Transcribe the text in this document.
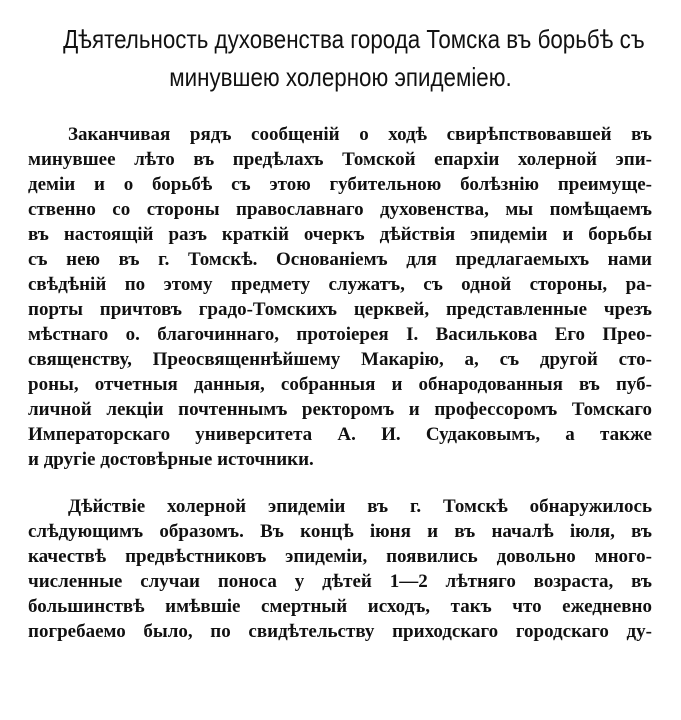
Дѣятельность духовенства города Томска въ борьбѣ съ
минувшею холерною эпидеміею.
Заканчивая рядъ сообщеній о ходѣ свирѣпствовавшей въ
минувшее лѣто въ предѣлахъ Томской епархіи холерной эпи-
деміи и о борьбѣ съ этою губительною болѣзнію преимуще-
ственно со стороны православнаго духовенства, мы помѣщаемъ
въ настоящій разъ краткій очеркъ дѣйствія эпидеміи и борьбы
съ нею въ г. Томскѣ. Основаніемъ для предлагаемыхъ нами
свѣдѣній по этому предмету служатъ, съ одной стороны, ра-
порты причтовъ градо-Томскихъ церквей, представленные чрезъ
мѣстнаго о. благочиннаго, протоіерея І. Василькова Его Прео-
священству, Преосвященнѣйшему Макарію, а, съ другой сто-
роны, отчетныя данныя, собранныя и обнародованныя въ пуб-
личной лекціи почтеннымъ ректоромъ и профессоромъ Томскаго
Императорскаго университета А. И. Судаковымъ, а также
и другіе достовѣрные источники.
Дѣйствіе холерной эпидеміи въ г. Томскѣ обнаружилось
слѣдующимъ образомъ. Въ концѣ іюня и въ началѣ іюля, въ
качествѣ предвѣстниковъ эпидеміи, появились довольно много-
численные случаи поноса у дѣтей 1—2 лѣтняго возраста, въ
большинствѣ имѣвшіе смертный исходъ, такъ что ежедневно
погребаемо было, по свидѣтельству приходскаго городскаго ду-
